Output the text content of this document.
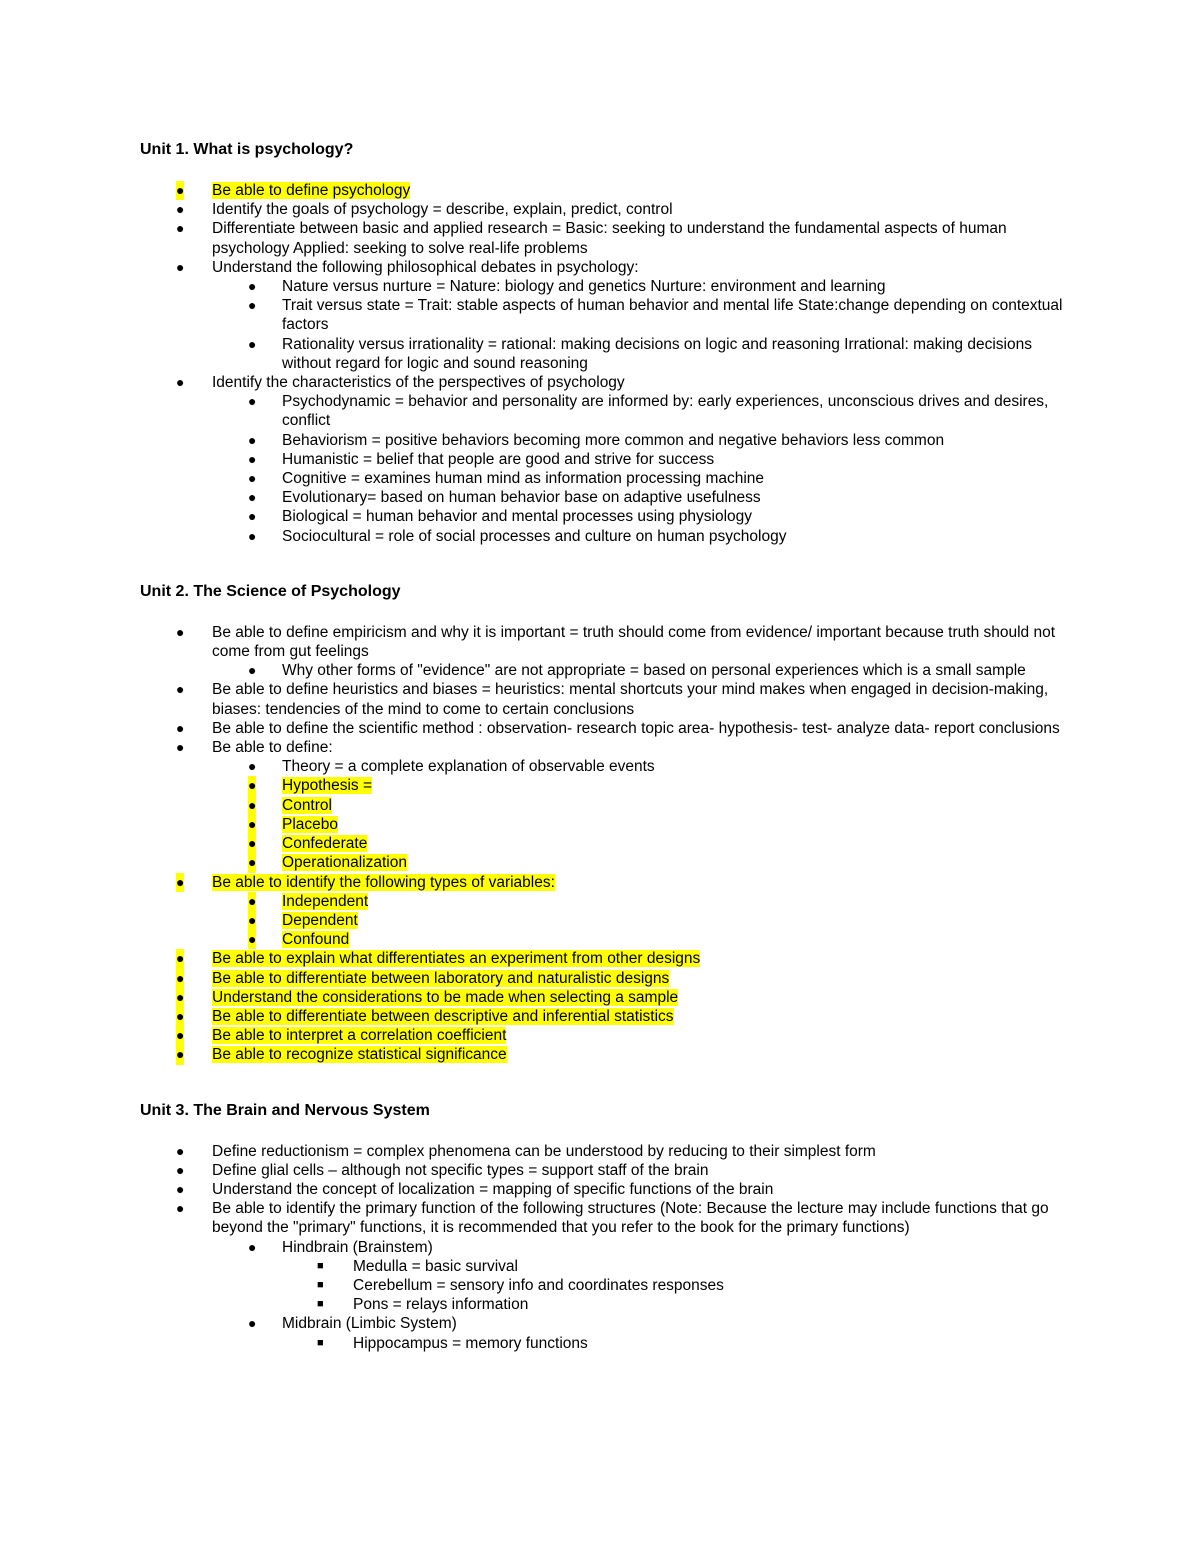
Unit 1. What is psychology?

● Be able to define psychology
● Identify the goals of psychology = describe, explain, predict, control
● Differentiate between basic and applied research = Basic: seeking to understand the fundamental aspects of human psychology Applied: seeking to solve real-life problems
● Understand the following philosophical debates in psychology:
● Nature versus nurture = Nature: biology and genetics Nurture: environment and learning
● Trait versus state = Trait: stable aspects of human behavior and mental life State:change depending on contextual factors
● Rationality versus irrationality = rational: making decisions on logic and reasoning Irrational: making decisions without regard for logic and sound reasoning
● Identify the characteristics of the perspectives of psychology
● Psychodynamic = behavior and personality are informed by: early experiences, unconscious drives and desires, conflict
● Behaviorism = positive behaviors becoming more common and negative behaviors less common
● Humanistic = belief that people are good and strive for success
● Cognitive = examines human mind as information processing machine
● Evolutionary= based on human behavior base on adaptive usefulness
● Biological = human behavior and mental processes using physiology
● Sociocultural = role of social processes and culture on human psychology

Unit 2. The Science of Psychology

● Be able to define empiricism and why it is important = truth should come from evidence/ important because truth should not come from gut feelings
● Why other forms of "evidence" are not appropriate = based on personal experiences which is a small sample
● Be able to define heuristics and biases = heuristics: mental shortcuts your mind makes when engaged in decision-making, biases: tendencies of the mind to come to certain conclusions
● Be able to define the scientific method : observation- research topic area- hypothesis- test- analyze data- report conclusions
● Be able to define:
● Theory = a complete explanation of observable events
● Hypothesis =
● Control
● Placebo
● Confederate
● Operationalization
● Be able to identify the following types of variables:
● Independent
● Dependent
● Confound
● Be able to explain what differentiates an experiment from other designs
● Be able to differentiate between laboratory and naturalistic designs
● Understand the considerations to be made when selecting a sample
● Be able to differentiate between descriptive and inferential statistics
● Be able to interpret a correlation coefficient
● Be able to recognize statistical significance

Unit 3. The Brain and Nervous System

● Define reductionism = complex phenomena can be understood by reducing to their simplest form
● Define glial cells – although not specific types = support staff of the brain
● Understand the concept of localization = mapping of specific functions of the brain
● Be able to identify the primary function of the following structures (Note: Because the lecture may include functions that go beyond the "primary" functions, it is recommended that you refer to the book for the primary functions)
● Hindbrain (Brainstem)
■ Medulla = basic survival
■ Cerebellum = sensory info and coordinates responses
■ Pons = relays information
● Midbrain (Limbic System)
■ Hippocampus = memory functions
